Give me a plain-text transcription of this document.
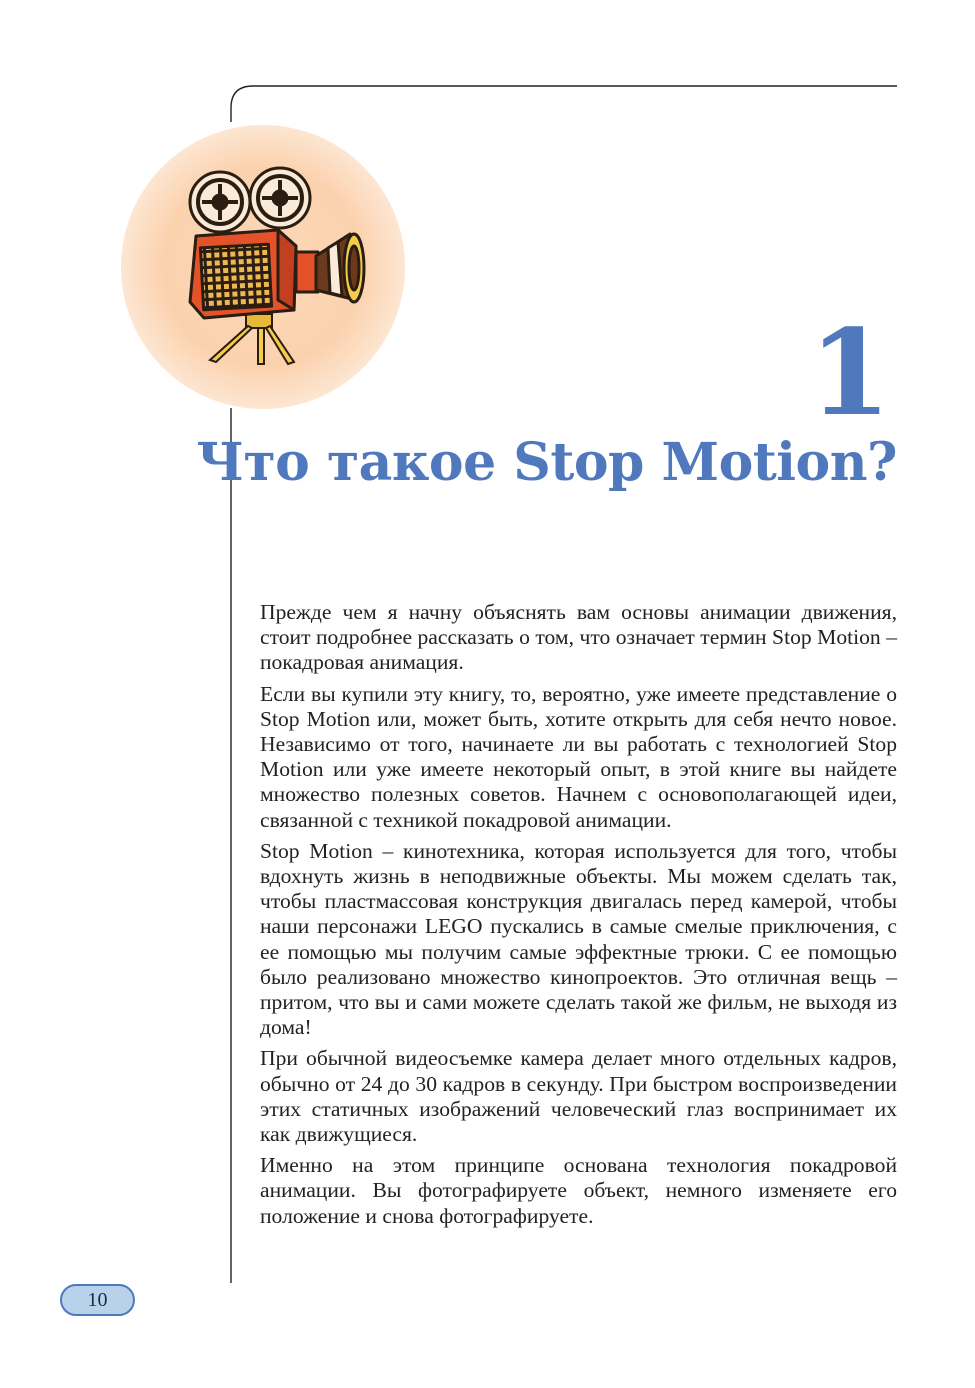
1
Что такое Stop Motion?

Прежде чем я начну объяснять вам основы анимации движения, стоит подробнее рассказать о том, что означает термин Stop Motion – покадровая анимация.

Если вы купили эту книгу, то, вероятно, уже имеете представление о Stop Motion или, может быть, хотите открыть для себя нечто новое. Независимо от того, начинаете ли вы работать с технологией Stop Motion или уже имеете некоторый опыт, в этой книге вы найдете множество полезных советов. Начнем с основополагающей идеи, связанной с техникой покадровой анимации.

Stop Motion – кинотехника, которая используется для того, чтобы вдохнуть жизнь в неподвижные объекты. Мы можем сделать так, чтобы пластмассовая конструкция двигалась перед камерой, чтобы наши персонажи LEGO пускались в самые смелые приключения, с ее помощью мы получим самые эффектные трюки. С ее помощью было реализовано множество кинопроектов. Это отличная вещь – притом, что вы и сами можете сделать такой же фильм, не выходя из дома!

При обычной видеосъемке камера делает много отдельных кадров, обычно от 24 до 30 кадров в секунду. При быстром воспроизведении этих статичных изображений человеческий глаз воспринимает их как движущиеся.

Именно на этом принципе основана технология покадровой анимации. Вы фотографируете объект, немного изменяете его положение и снова фотографируете.

10
